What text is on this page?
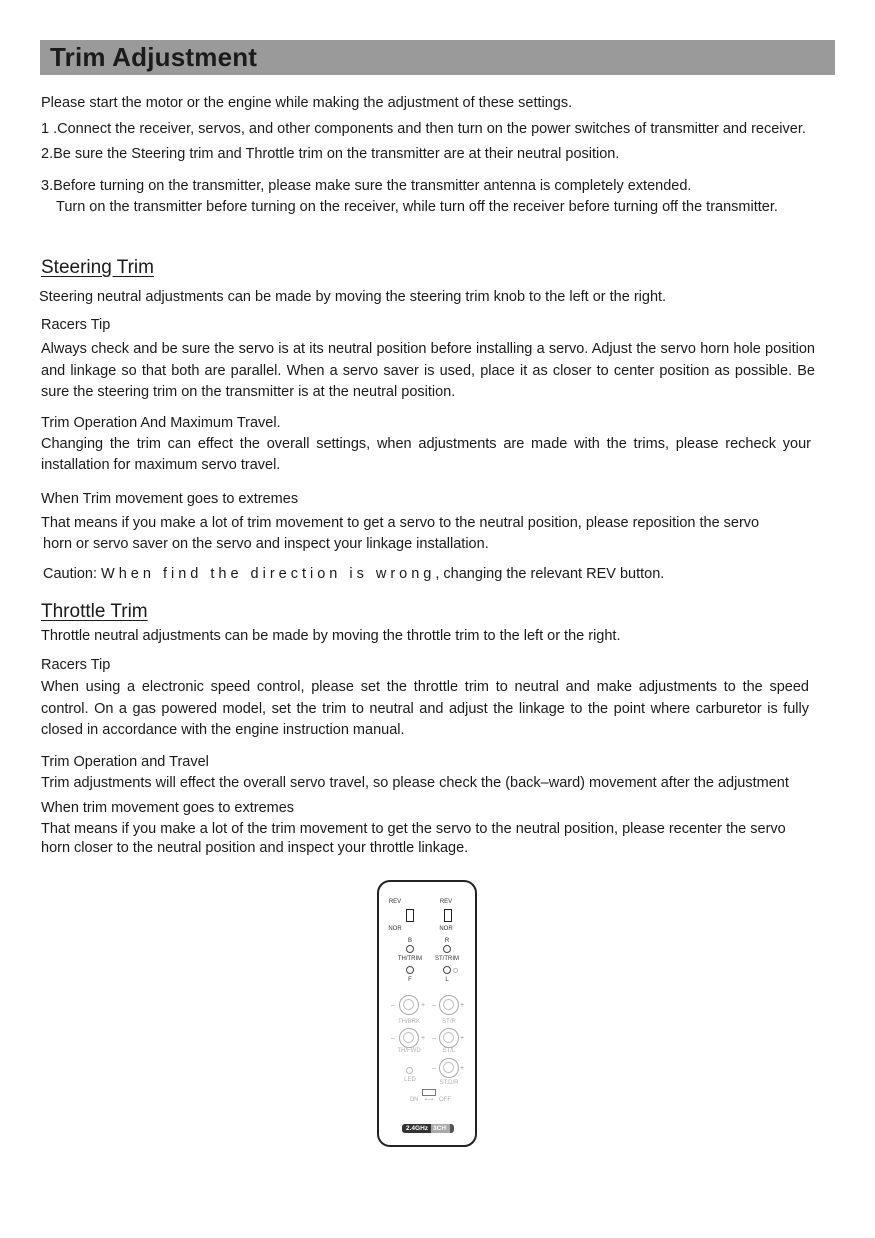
Trim Adjustment
Please start the motor or the engine while making the adjustment of these settings.
1 .Connect the receiver, servos, and other components and then turn on the power switches of transmitter and receiver.
2.Be sure the Steering trim and Throttle trim on the transmitter are at their neutral position.
3.Before turning on the transmitter, please make sure the transmitter antenna is completely extended.
Turn on the transmitter before turning on the receiver, while turn off the receiver before turning off the transmitter.
Steering Trim
Steering neutral adjustments can be made by moving the steering trim knob to the left or the right.
Racers Tip
Always check and be sure the servo is at its neutral position before installing a servo. Adjust the servo horn hole position and linkage so that both are parallel. When a servo saver is used, place it as closer to center position as possible. Be sure the steering trim on the transmitter is at the neutral position.
Trim Operation And Maximum Travel.
Changing the trim can effect the overall settings, when adjustments are made with the trims, please recheck your installation for maximum servo travel.
When Trim movement goes to extremes
That means if you make a lot of trim movement to get a servo to the neutral position, please reposition the servo
horn or servo saver on the servo and inspect your linkage installation.
Caution: When find the direction is wrong, changing the relevant REV button.
Throttle Trim
Throttle neutral adjustments can be made by moving the throttle trim to the left or the right.
Racers Tip
When using a electronic speed control, please set the throttle trim to neutral and make adjustments to the speed control. On a gas powered model, set the trim to neutral and adjust the linkage to the point where carburetor is fully closed in accordance with the engine instruction manual.
Trim Operation and Travel
Trim adjustments will effect the overall servo travel, so please check the (back–ward) movement after the adjustment
When trim movement goes to extremes
That means if you make a lot of the trim movement to get the servo to the neutral position, please recenter the servo
horn closer to the neutral position and inspect your throttle linkage.
REV	REV
NOR	NOR
B	R
TH/TRIM	ST/TRIM
F	L
–	+ –	+
TH/BRK	ST/R
–	+ –	+
TH/FWD	ST/L
LED
–	+
ST.D/R
ON	⟷ OFF
2.4GHz 3CH
